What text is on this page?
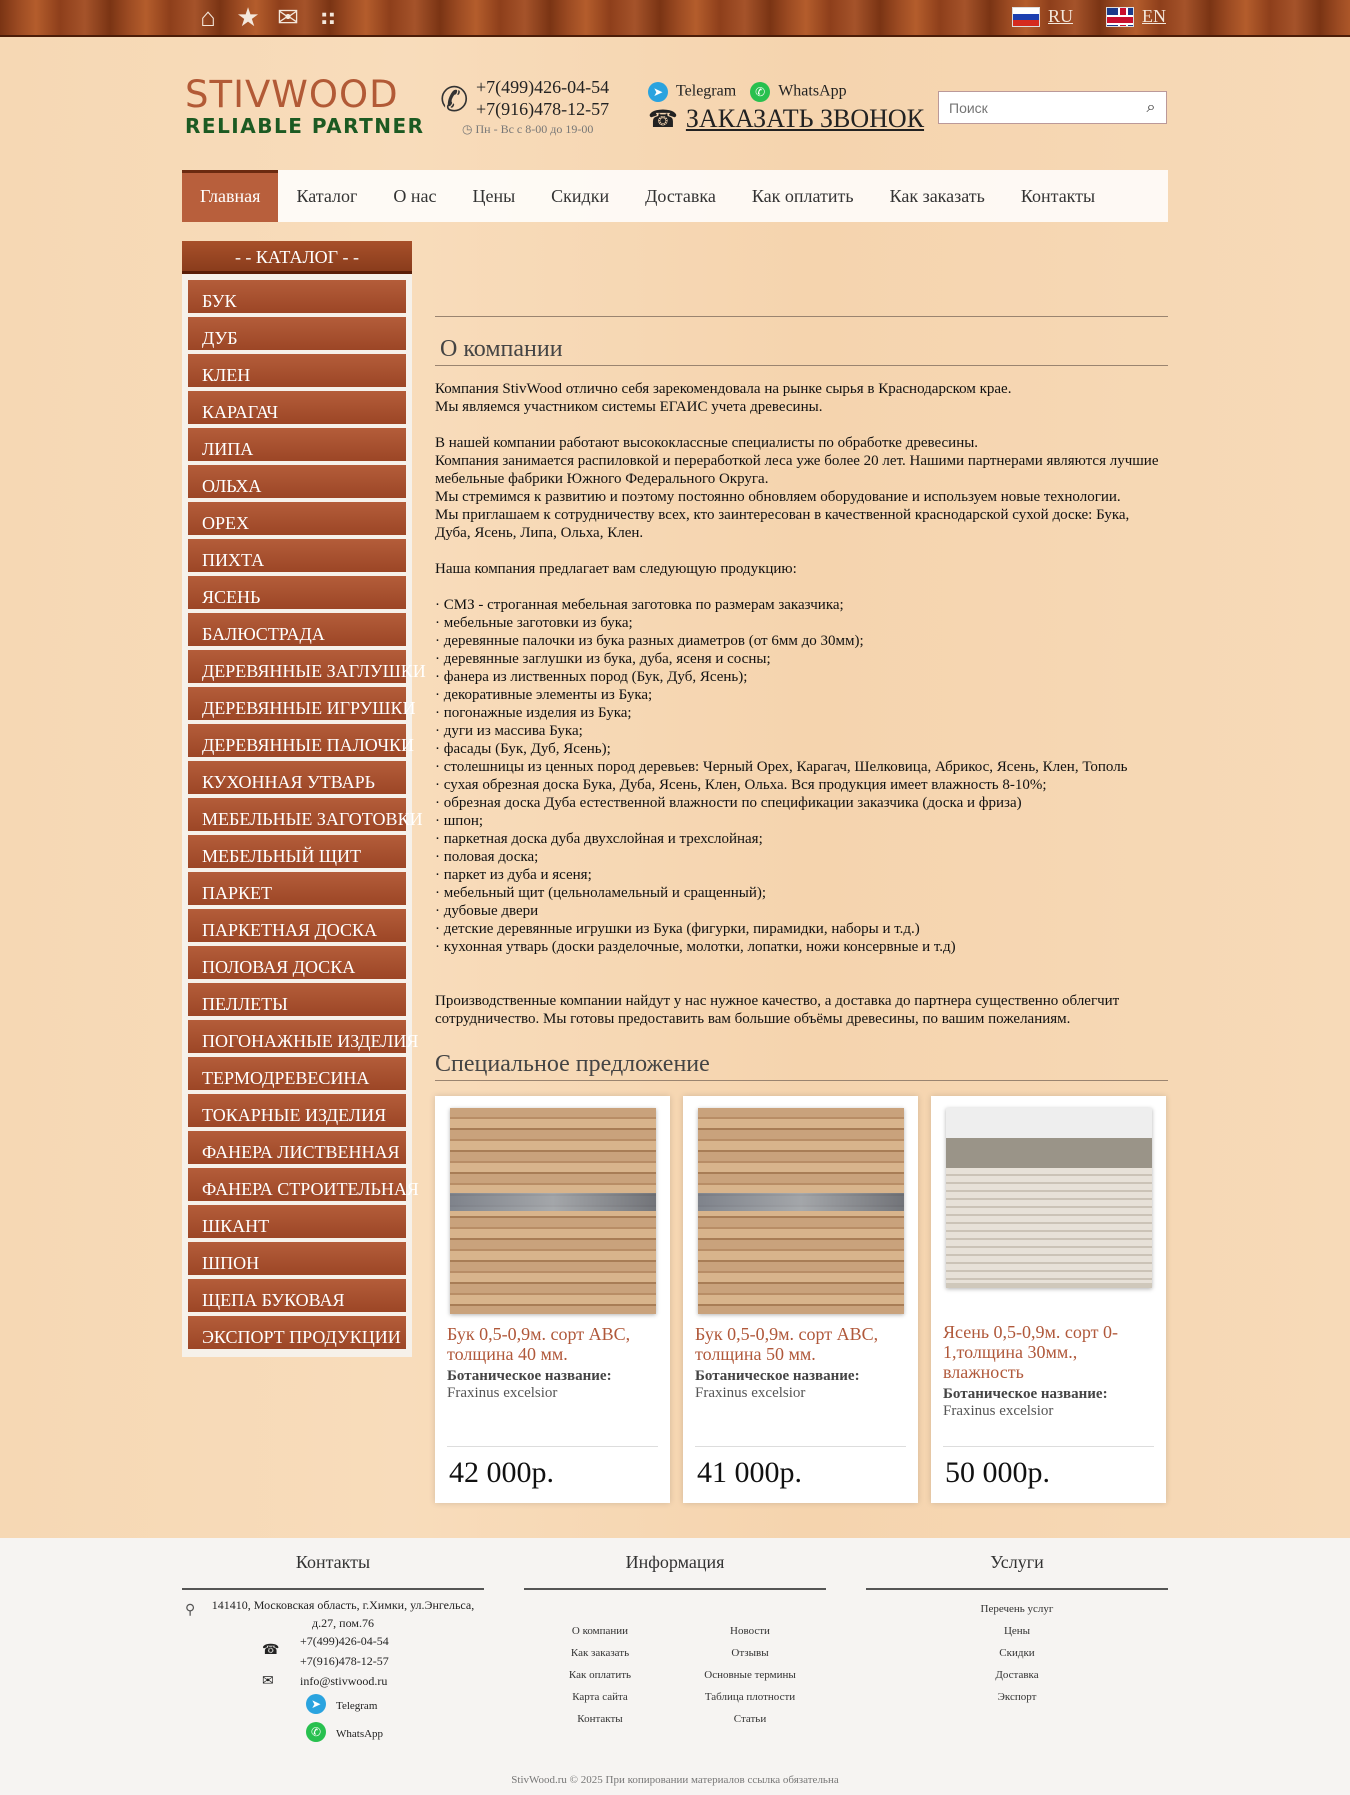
⌂ ★ ✉ ⠶	RU	EN
STIVWOOD
RELIABLE PARTNER
✆ +7(499)426-04-54
+7(916)478-12-57
◷ Пн - Вс с 8-00 до 19-00
➤ Telegram	✆ WhatsApp
☎ ЗАКАЗАТЬ ЗВОНОК
Поиск	⌕
Главная	Каталог	О нас	Цены	Скидки	Доставка	Как оплатить	Как заказать	Контакты
- - КАТАЛОГ - -
БУК
ДУБ
КЛЕН
КАРАГАЧ
ЛИПА
ОЛЬХА
ОРЕХ
ПИХТА
ЯСЕНЬ
БАЛЮСТРАДА
ДЕРЕВЯННЫЕ ЗАГЛУШКИ
ДЕРЕВЯННЫЕ ИГРУШКИ
ДЕРЕВЯННЫЕ ПАЛОЧКИ
КУХОННАЯ УТВАРЬ
МЕБЕЛЬНЫЕ ЗАГОТОВКИ
МЕБЕЛЬНЫЙ ЩИТ
ПАРКЕТ
ПАРКЕТНАЯ ДОСКА
ПОЛОВАЯ ДОСКА
ПЕЛЛЕТЫ
ПОГОНАЖНЫЕ ИЗДЕЛИЯ
ТЕРМОДРЕВЕСИНА
ТОКАРНЫЕ ИЗДЕЛИЯ
ФАНЕРА ЛИСТВЕННАЯ
ФАНЕРА СТРОИТЕЛЬНАЯ
ШКАНТ
ШПОН
ЩЕПА БУКОВАЯ
ЭКСПОРТ ПРОДУКЦИИ
О компании

Компания StivWood отлично себя зарекомендовала на рынке сырья в Краснодарском крае.

Мы являемся участником системы ЕГАИС учета древесины.

В нашей компании работают высококлассные специалисты по обработке древесины.

Компания занимается распиловкой и переработкой леса уже более 20 лет. Нашими партнерами являются лучшие мебельные фабрики Южного Федерального Округа.

Мы стремимся к развитию и поэтому постоянно обновляем оборудование и используем новые технологии.

Мы приглашаем к сотрудничеству всех, кто заинтересован в качественной краснодарской сухой доске: Бука, Дуба, Ясень, Липа, Ольха, Клен.

Наша компания предлагает вам следующую продукцию:

· СМЗ - строганная мебельная заготовка по размерам заказчика;

· мебельные заготовки из бука;

· деревянные палочки из бука разных диаметров (от 6мм до 30мм);

· деревянные заглушки из бука, дуба, ясеня и сосны;

· фанера из лиственных пород (Бук, Дуб, Ясень);

· декоративные элементы из Бука;

· погонажные изделия из Бука;

· дуги из массива Бука;

· фасады (Бук, Дуб, Ясень);

· столешницы из ценных пород деревьев: Черный Орех, Карагач, Шелковица, Абрикос, Ясень, Клен, Тополь

· сухая обрезная доска Бука, Дуба, Ясень, Клен, Ольха. Вся продукция имеет влажность 8-10%;

· обрезная доска Дуба естественной влажности по спецификации заказчика (доска и фриза)

· шпон;

· паркетная доска дуба двухслойная и трехслойная;

· половая доска;

· паркет из дуба и ясеня;

· мебельный щит (цельноламельный и сращенный);

· дубовые двери

· детские деревянные игрушки из Бука (фигурки, пирамидки, наборы и т.д.)

· кухонная утварь (доски разделочные, молотки, лопатки, ножи консервные и т.д)

Производственные компании найдут у нас нужное качество, а доставка до партнера существенно облегчит сотрудничество. Мы готовы предоставить вам большие объёмы древесины, по вашим пожеланиям.

Специальное предложение
Бук 0,5-0,9м. сорт АВС, толщина 40 мм.
Ботаническое название:
Fraxinus excelsior
42 000р.
Бук 0,5-0,9м. сорт АВС, толщина 50 мм.
Ботаническое название:
Fraxinus excelsior
41 000р.
Ясень 0,5-0,9м. сорт 0-1,толщина 30мм., влажность
Ботаническое название:
Fraxinus excelsior
50 000р.
Контакты	Информация	Услуги
⚲	141410, Московская область, г.Химки, ул.Энгельса, д.27, пом.76
☎
+7(499)426-04-54
+7(916)478-12-57
✉ info@stivwood.ru
➤	Telegram
✆	WhatsApp
О компании
Как заказать
Как оплатить
Карта сайта
Контакты
Новости
Отзывы
Основные термины
Таблица плотности
Статьи
Перечень услуг
Цены
Скидки
Доставка
Экспорт
StivWood.ru © 2025 При копировании материалов ссылка обязательна
